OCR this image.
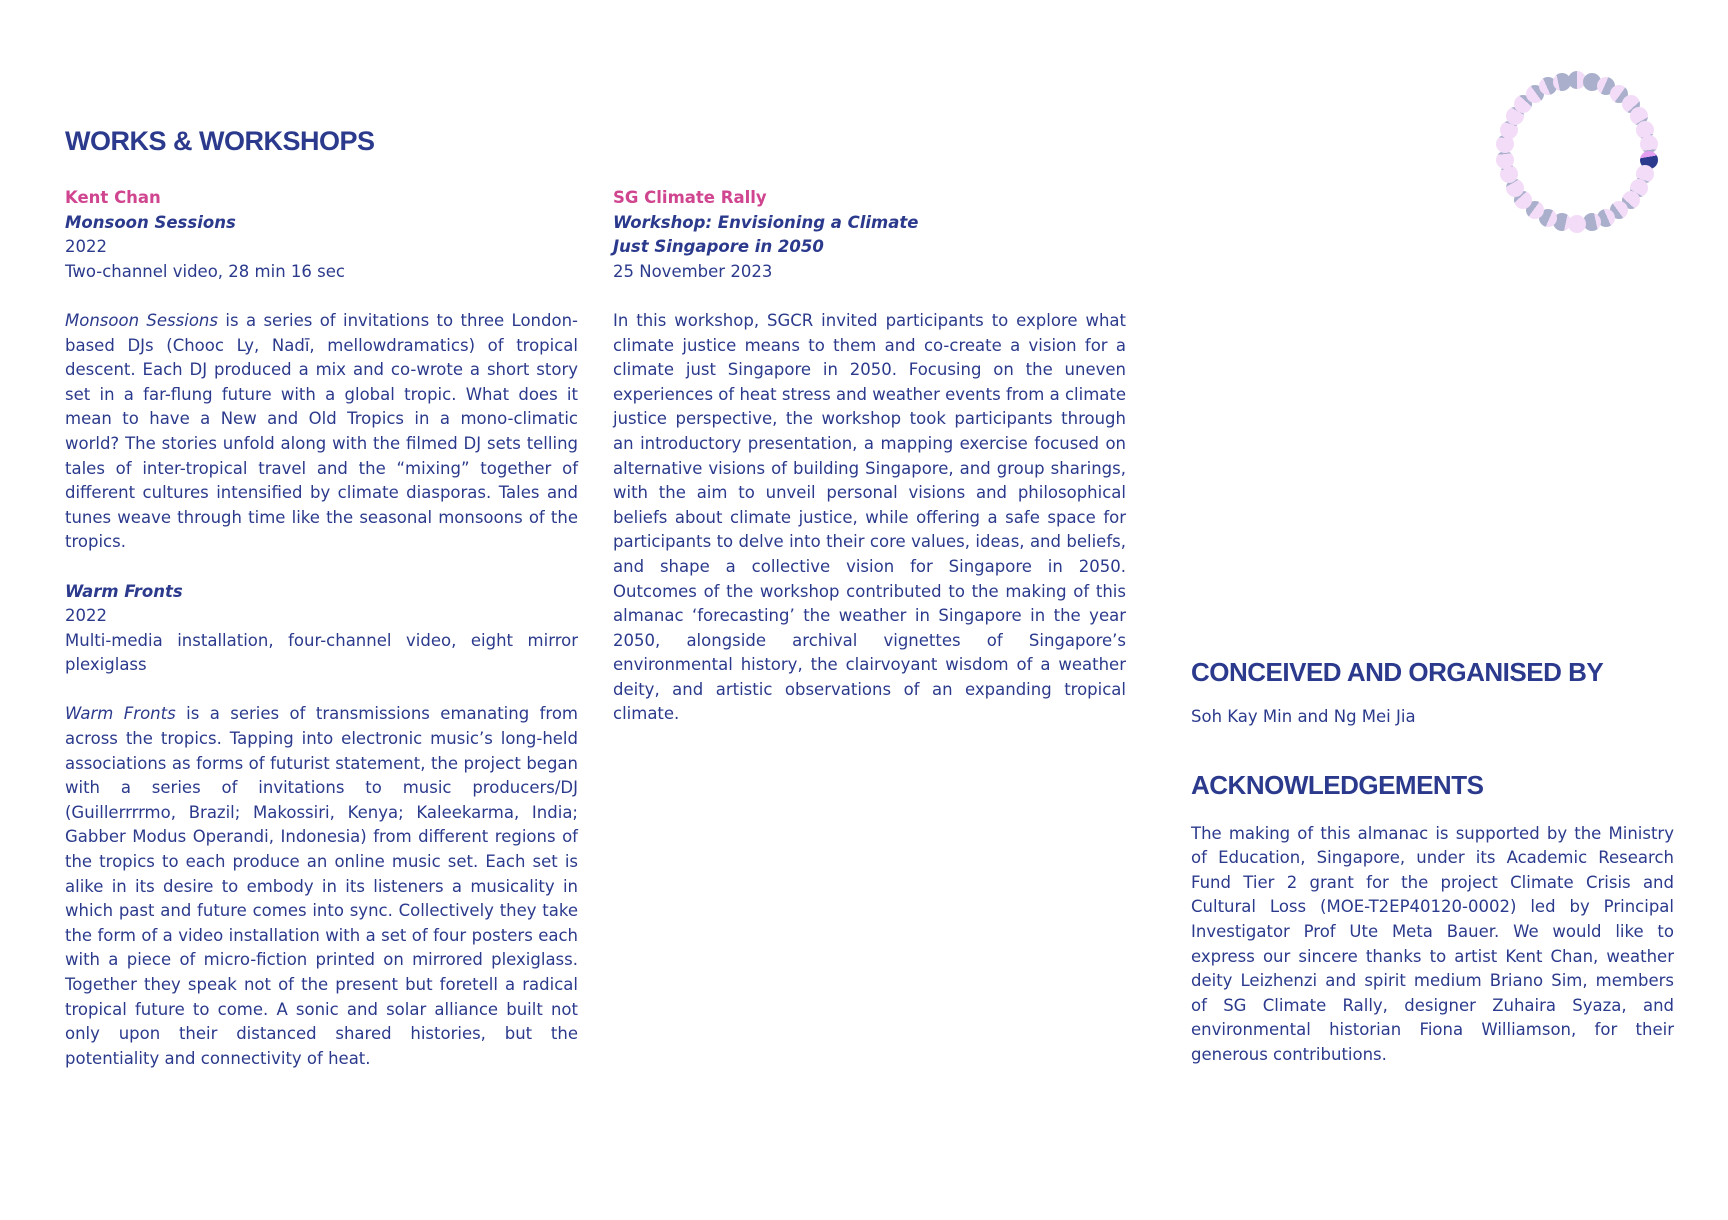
WORKS & WORKSHOPS
Kent Chan
Monsoon Sessions
2022
Two-channel video, 28 min 16 sec

Monsoon Sessions is a series of invitations to three London-based DJs (Chooc Ly, Nadī, mellowdramatics) of tropical descent. Each DJ produced a mix and co-wrote a short story set in a far-flung future with a global tropic. What does it mean to have a New and Old Tropics in a mono-climatic world? The stories unfold along with the filmed DJ sets telling tales of inter-tropical travel and the “mixing” together of different cultures intensified by climate diasporas. Tales and tunes weave through time like the seasonal monsoons of the tropics.

Warm Fronts
2022

Multi-media installation, four-channel video, eight mirror plexiglass

Warm Fronts is a series of transmissions emanating from across the tropics. Tapping into electronic music’s long-held associations as forms of futurist statement, the project began with a series of invitations to music producers/DJ (Guillerrrrmo, Brazil; Makossiri, Kenya; Kaleekarma, India; Gabber Modus Operandi, Indonesia) from different regions of the tropics to each produce an online music set. Each set is alike in its desire to embody in its listeners a musicality in which past and future comes into sync. Collectively they take the form of a video installation with a set of four posters each with a piece of micro-fiction printed on mirrored plexiglass. Together they speak not of the present but foretell a radical tropical future to come. A sonic and solar alliance built not only upon their distanced shared histories, but the potentiality and connectivity of heat.

SG Climate Rally
Workshop: Envisioning a Climate Just Singapore in 2050
25 November 2023

In this workshop, SGCR invited participants to explore what climate justice means to them and co-create a vision for a climate just Singapore in 2050. Focusing on the uneven experiences of heat stress and weather events from a climate justice perspective, the workshop took participants through an introductory presentation, a mapping exercise focused on alternative visions of building Singapore, and group sharings, with the aim to unveil personal visions and philosophical beliefs about climate justice, while offering a safe space for participants to delve into their core values, ideas, and beliefs, and shape a collective vision for Singapore in 2050. Outcomes of the workshop contributed to the making of this almanac ‘forecasting’ the weather in Singapore in the year 2050, alongside archival vignettes of Singapore’s environmental history, the clairvoyant wisdom of a weather deity, and artistic observations of an expanding tropical climate.

CONCEIVED AND ORGANISED BY
Soh Kay Min and Ng Mei Jia
ACKNOWLEDGEMENTS

The making of this almanac is supported by the Ministry of Education, Singapore, under its Academic Research Fund Tier 2 grant for the project Climate Crisis and Cultural Loss (MOE-T2EP40120-0002) led by Principal Investigator Prof Ute Meta Bauer. We would like to express our sincere thanks to artist Kent Chan, weather deity Leizhenzi and spirit medium Briano Sim, members of SG Climate Rally, designer Zuhaira Syaza, and environmental historian Fiona Williamson, for their generous contributions.
